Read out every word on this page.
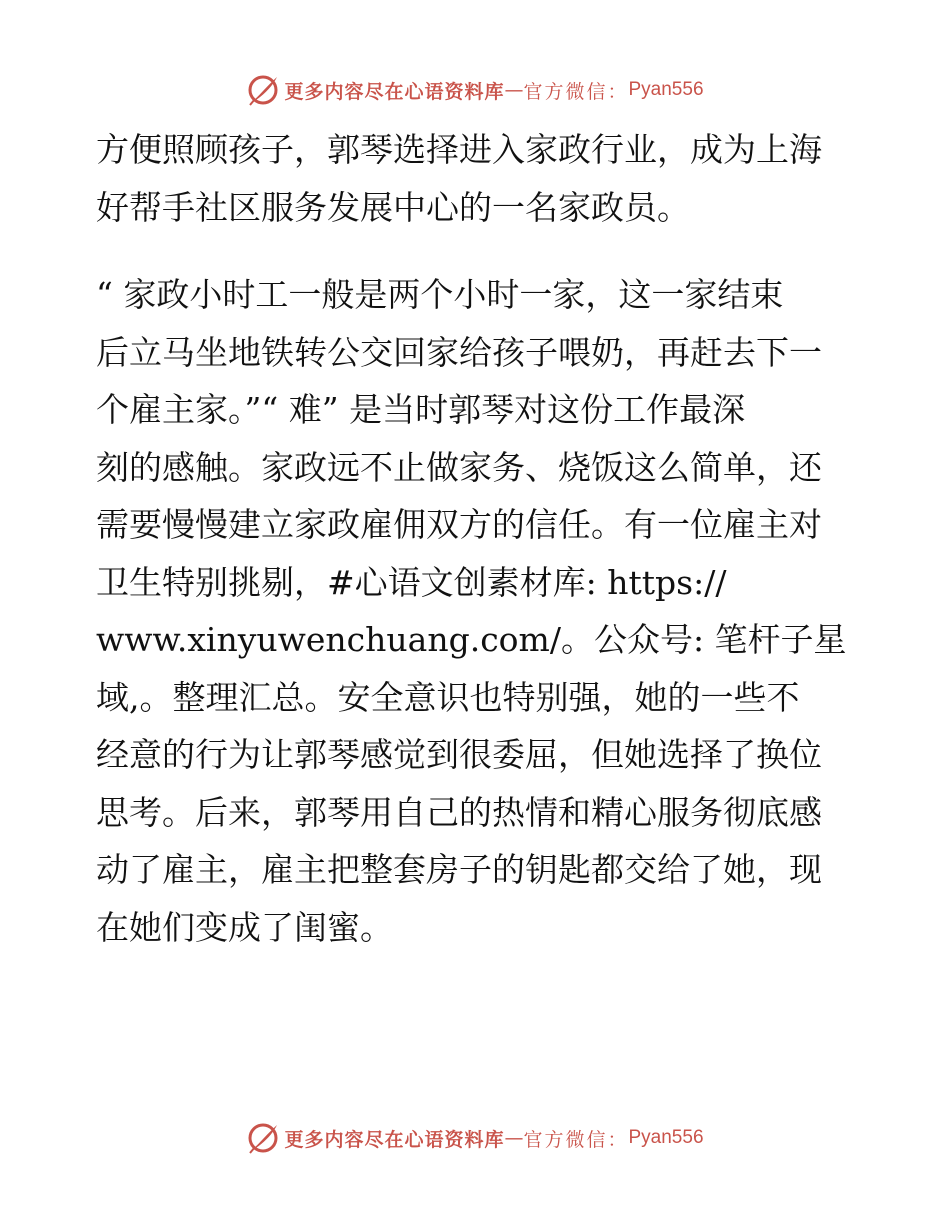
更多内容尽在心语资料库 — 官方微信： Pyan556

方便照顾孩子，郭琴选择进入家政行业，成为上海

好帮手社区服务发展中心的一名家政员。

“ 家政小时工一般是两个小时一家，这一家结束

后立马坐地铁转公交回家给孩子喂奶，再赶去下一

个雇主家。”“ 难” 是当时郭琴对这份工作最深

刻的感触。家政远不止做家务、烧饭这么简单，还

需要慢慢建立家政雇佣双方的信任。有一位雇主对

卫生特别挑剔，#心语文创素材库: https://

www.xinyuwenchuang.com/。公众号: 笔杆子星

域,。整理汇总。安全意识也特别强，她的一些不

经意的行为让郭琴感觉到很委屈，但她选择了换位

思考。后来，郭琴用自己的热情和精心服务彻底感

动了雇主，雇主把整套房子的钥匙都交给了她，现

在她们变成了闺蜜。

更多内容尽在心语资料库 — 官方微信： Pyan556
